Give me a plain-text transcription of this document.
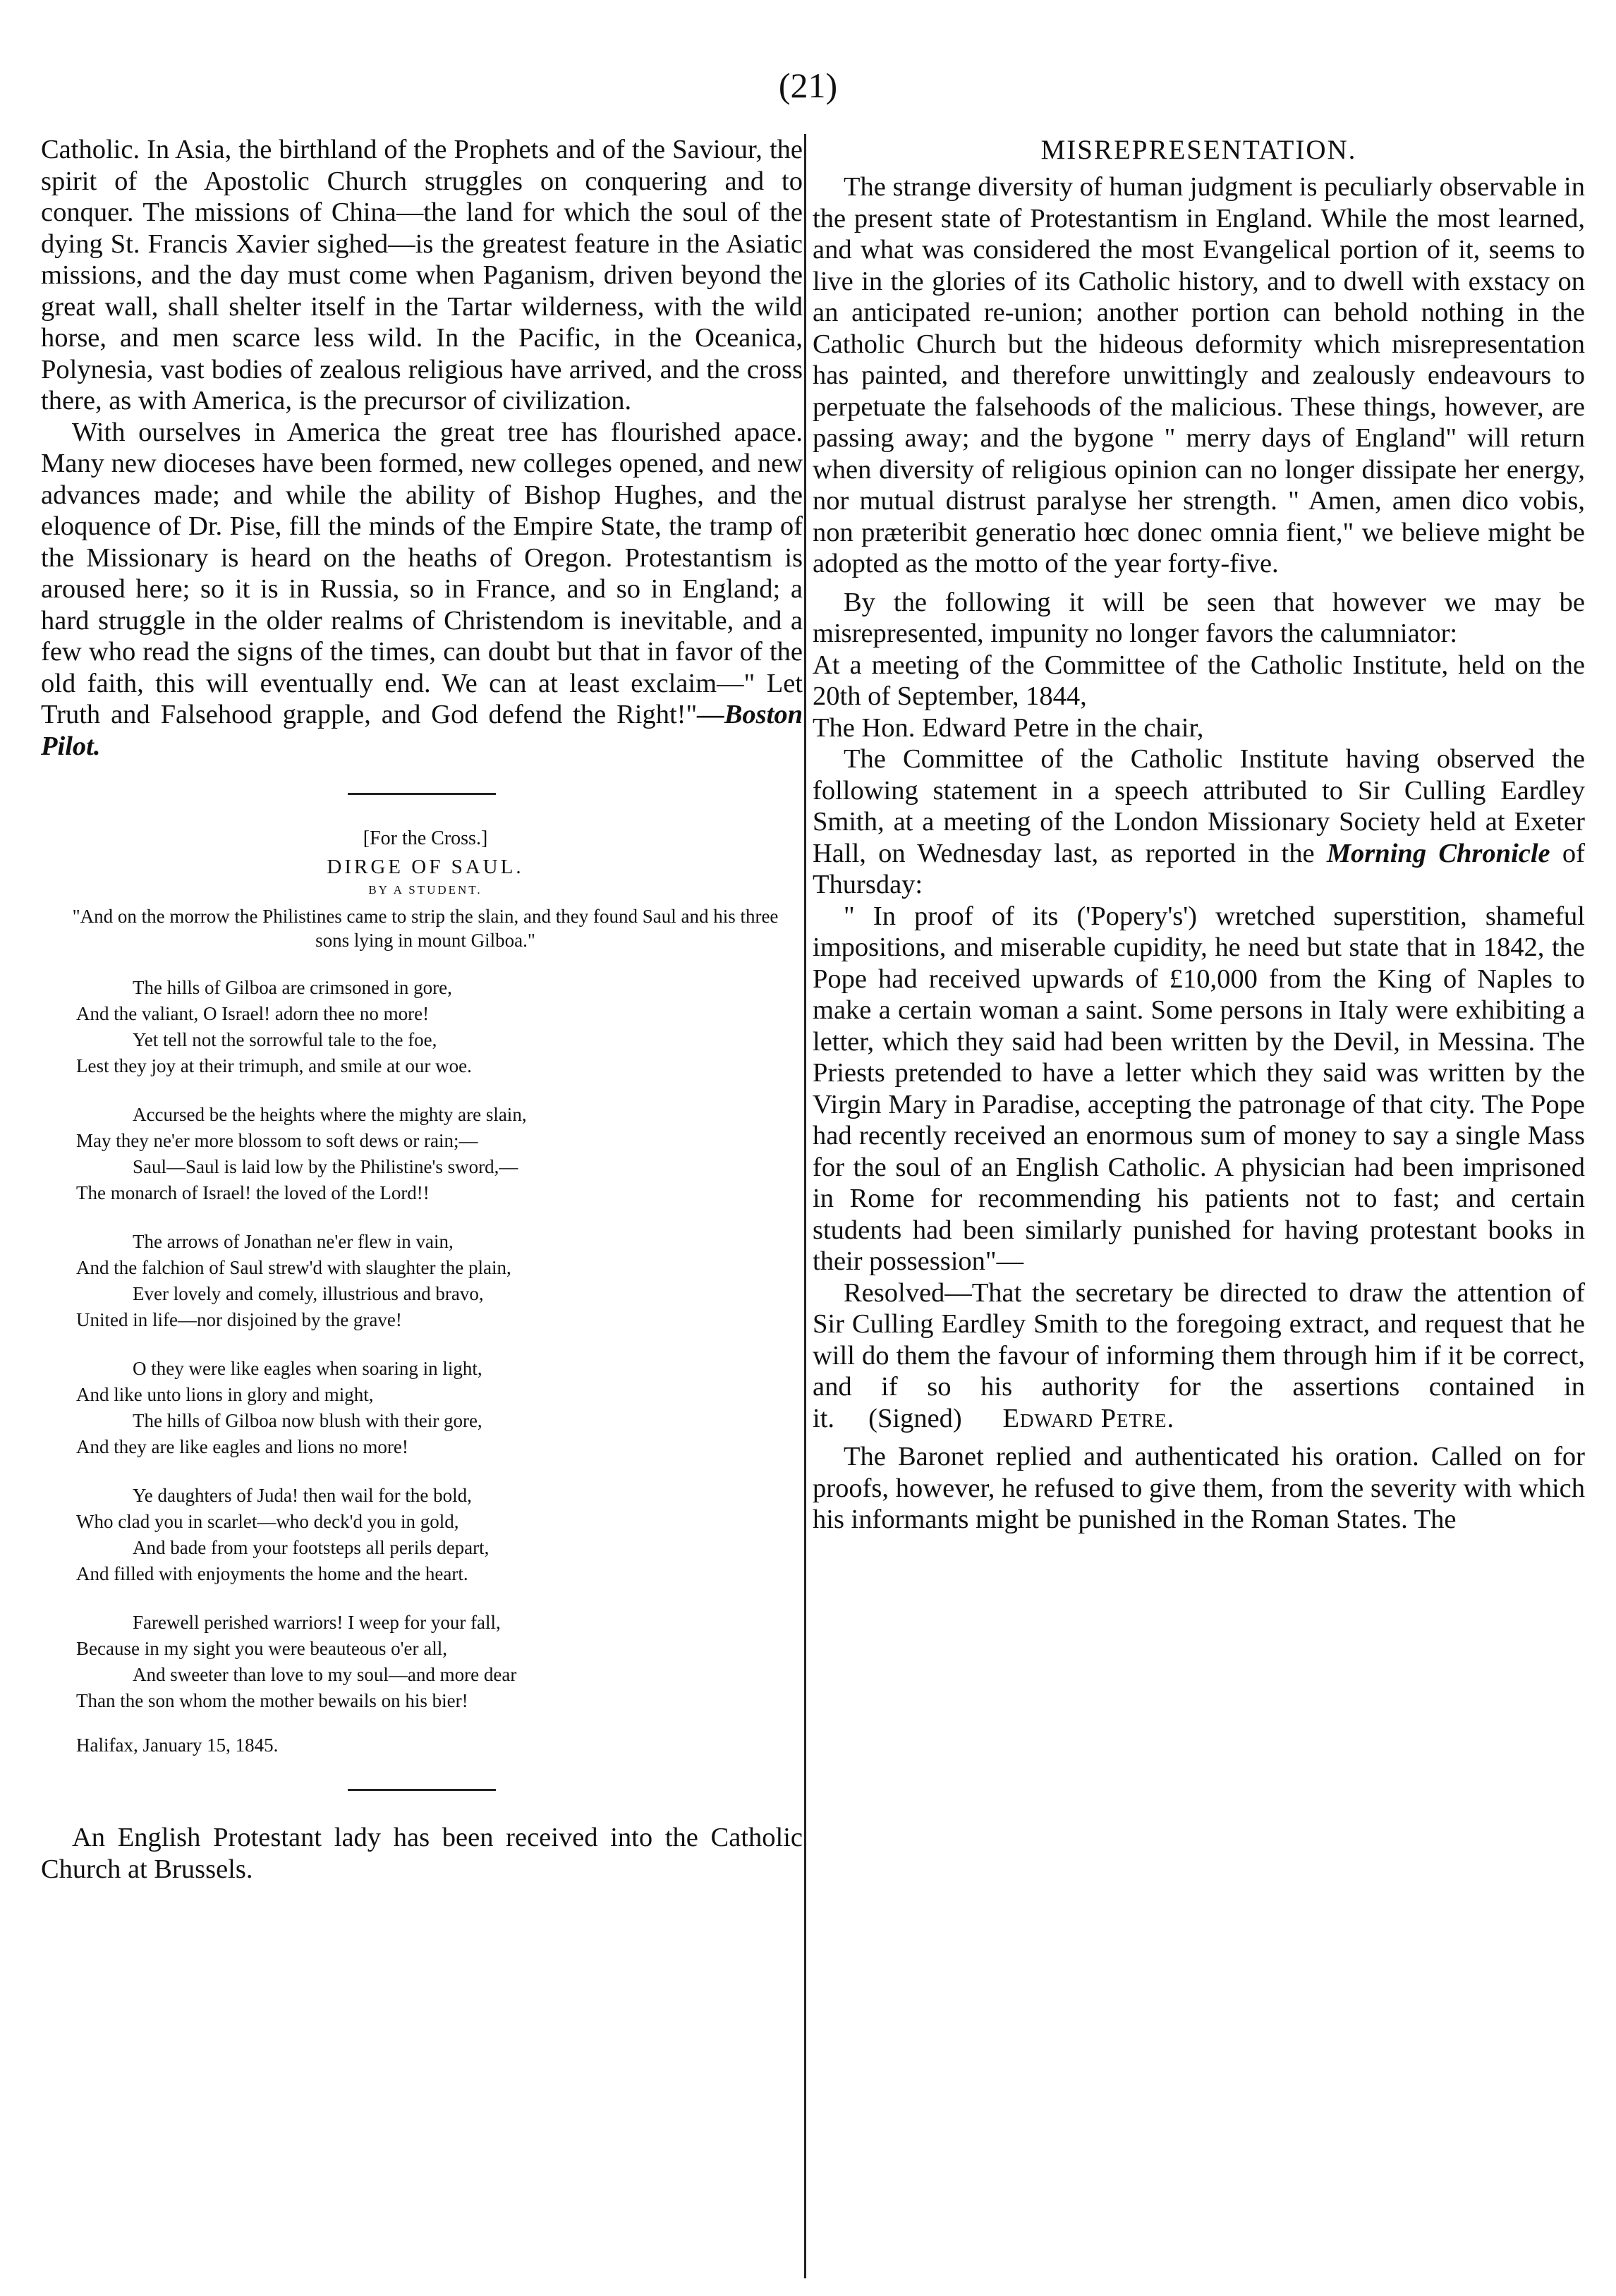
(21)

Catholic. In Asia, the birthland of the Prophets and of the Saviour, the spirit of the Apostolic Church struggles on conquering and to conquer. The missions of China—the land for which the soul of the dying St. Francis Xavier sighed—is the greatest feature in the Asiatic missions, and the day must come when Paganism, driven beyond the great wall, shall shelter itself in the Tartar wilderness, with the wild horse, and men scarce less wild. In the Pacific, in the Oceanica, Polynesia, vast bodies of zealous religious have arrived, and the cross there, as with America, is the precursor of civilization.

With ourselves in America the great tree has flourished apace. Many new dioceses have been formed, new colleges opened, and new advances made; and while the ability of Bishop Hughes, and the eloquence of Dr. Pise, fill the minds of the Empire State, the tramp of the Missionary is heard on the heaths of Oregon. Protestantism is aroused here; so it is in Russia, so in France, and so in England; a hard struggle in the older realms of Christendom is inevitable, and a few who read the signs of the times, can doubt but that in favor of the old faith, this will eventually end. We can at least exclaim—" Let Truth and Falsehood grapple, and God defend the Right!"—Boston Pilot.

[For the Cross.]

DIRGE OF SAUL.

BY A STUDENT.

"And on the morrow the Philistines came to strip the slain, and they found Saul and his three sons lying in mount Gilboa."

The hills of Gilboa are crimsoned in gore,

And the valiant, O Israel! adorn thee no more!

Yet tell not the sorrowful tale to the foe,

Lest they joy at their trimuph, and smile at our woe.

Accursed be the heights where the mighty are slain,

May they ne'er more blossom to soft dews or rain;—

Saul—Saul is laid low by the Philistine's sword,—

The monarch of Israel! the loved of the Lord!!

The arrows of Jonathan ne'er flew in vain,

And the falchion of Saul strew'd with slaughter the plain,

Ever lovely and comely, illustrious and bravo,

United in life—nor disjoined by the grave!

O they were like eagles when soaring in light,

And like unto lions in glory and might,

The hills of Gilboa now blush with their gore,

And they are like eagles and lions no more!

Ye daughters of Juda! then wail for the bold,

Who clad you in scarlet—who deck'd you in gold,

And bade from your footsteps all perils depart,

And filled with enjoyments the home and the heart.

Farewell perished warriors! I weep for your fall,

Because in my sight you were beauteous o'er all,

And sweeter than love to my soul—and more dear

Than the son whom the mother bewails on his bier!

Halifax, January 15, 1845.

An English Protestant lady has been received into the Catholic Church at Brussels.

MISREPRESENTATION.

The strange diversity of human judgment is peculiarly observable in the present state of Protestantism in England. While the most learned, and what was considered the most Evangelical portion of it, seems to live in the glories of its Catholic history, and to dwell with exstacy on an anticipated re-union; another portion can behold nothing in the Catholic Church but the hideous deformity which misrepresentation has painted, and therefore unwittingly and zealously endeavours to perpetuate the falsehoods of the malicious. These things, however, are passing away; and the bygone " merry days of England" will return when diversity of religious opinion can no longer dissipate her energy, nor mutual distrust paralyse her strength. " Amen, amen dico vobis, non præteribit generatio hœc donec omnia fient," we believe might be adopted as the motto of the year forty-five.

By the following it will be seen that however we may be misrepresented, impunity no longer favors the calumniator:

At a meeting of the Committee of the Catholic Institute, held on the 20th of September, 1844,

The Hon. Edward Petre in the chair,

The Committee of the Catholic Institute having observed the following statement in a speech attributed to Sir Culling Eardley Smith, at a meeting of the London Missionary Society held at Exeter Hall, on Wednesday last, as reported in the Morning Chronicle of Thursday:

" In proof of its ('Popery's') wretched superstition, shameful impositions, and miserable cupidity, he need but state that in 1842, the Pope had received upwards of £10,000 from the King of Naples to make a certain woman a saint. Some persons in Italy were exhibiting a letter, which they said had been written by the Devil, in Messina. The Priests pretended to have a letter which they said was written by the Virgin Mary in Paradise, accepting the patronage of that city. The Pope had recently received an enormous sum of money to say a single Mass for the soul of an English Catholic. A physician had been imprisoned in Rome for recommending his patients not to fast; and certain students had been similarly punished for having protestant books in their possession"—

Resolved—That the secretary be directed to draw the attention of Sir Culling Eardley Smith to the foregoing extract, and request that he will do them the favour of informing them through him if it be correct, and if so his authority for the assertions contained in it. (Signed) Edward Petre.

The Baronet replied and authenticated his oration. Called on for proofs, however, he refused to give them, from the severity with which his informants might be punished in the Roman States. The
